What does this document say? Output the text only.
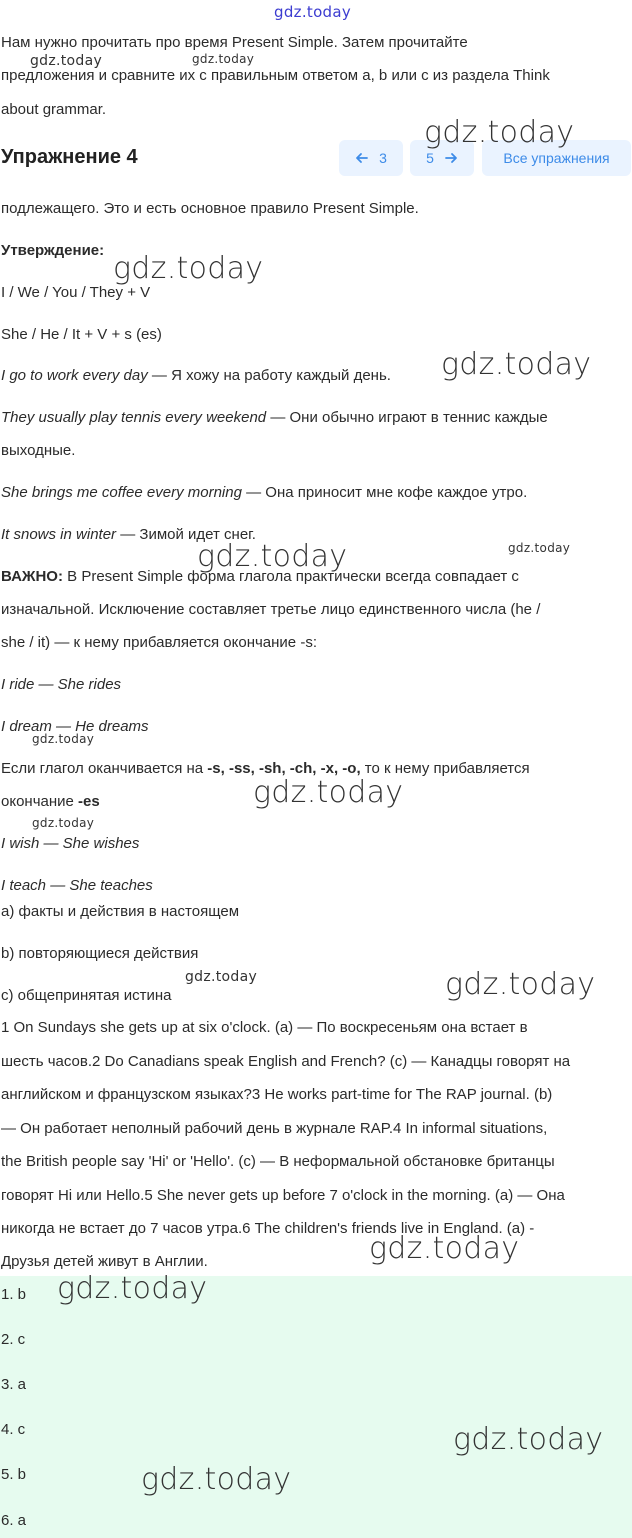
gdz.today
Нам нужно прочитать про время Present Simple. Затем прочитайте
предложения и сравните их с правильным ответом a, b или c из раздела Think
about grammar.
Упражнение 4	3	5	Все упражнения
подлежащего. Это и есть основное правило Present Simple.
Утверждение:
I / We / You / They + V
She / He / It + V + s (es)
I go to work every day — Я хожу на работу каждый день.
They usually play tennis every weekend — Они обычно играют в теннис каждые
выходные.
She brings me coffee every morning — Она приносит мне кофе каждое утро.
It snows in winter — Зимой идет снег.
ВАЖНО: В Present Simple форма глагола практически всегда совпадает с
изначальной. Исключение составляет третье лицо единственного числа (he /
she / it) — к нему прибавляется окончание -s:
I ride — She rides
I dream — He dreams
Если глагол оканчивается на -s, -ss, -sh, -ch, -x, -o, то к нему прибавляется
окончание -es
I wish — She wishes
I teach — She teaches
a) факты и действия в настоящем
b) повторяющиеся действия
c) общепринятая истина
1 On Sundays she gets up at six o'clock. (a) — По воскресеньям она встает в
шесть часов.2 Do Canadians speak English and French? (c) — Канадцы говорят на
английском и французском языках?3 He works part-time for The RAP journal. (b)
— Он работает неполный рабочий день в журнале RAP.4 In informal situations,
the British people say 'Hi' or 'Hello'. (c) — В неформальной обстановке британцы
говорят Hi или Hello.5 She never gets up before 7 o'clock in the morning. (a) — Она
никогда не встает до 7 часов утра.6 The children's friends live in England. (a) -
Друзья детей живут в Англии.
1. b
2. c
3. a
4. c
5. b
6. a
gdz.today	gdz.today
gdz.today
gdz.today
gdz.today
gdz.today	gdz.today
gdz.today
gdz.today
gdz.today
gdz.today	gdz.today
gdz.today
gdz.today
gdz.today
gdz.today
